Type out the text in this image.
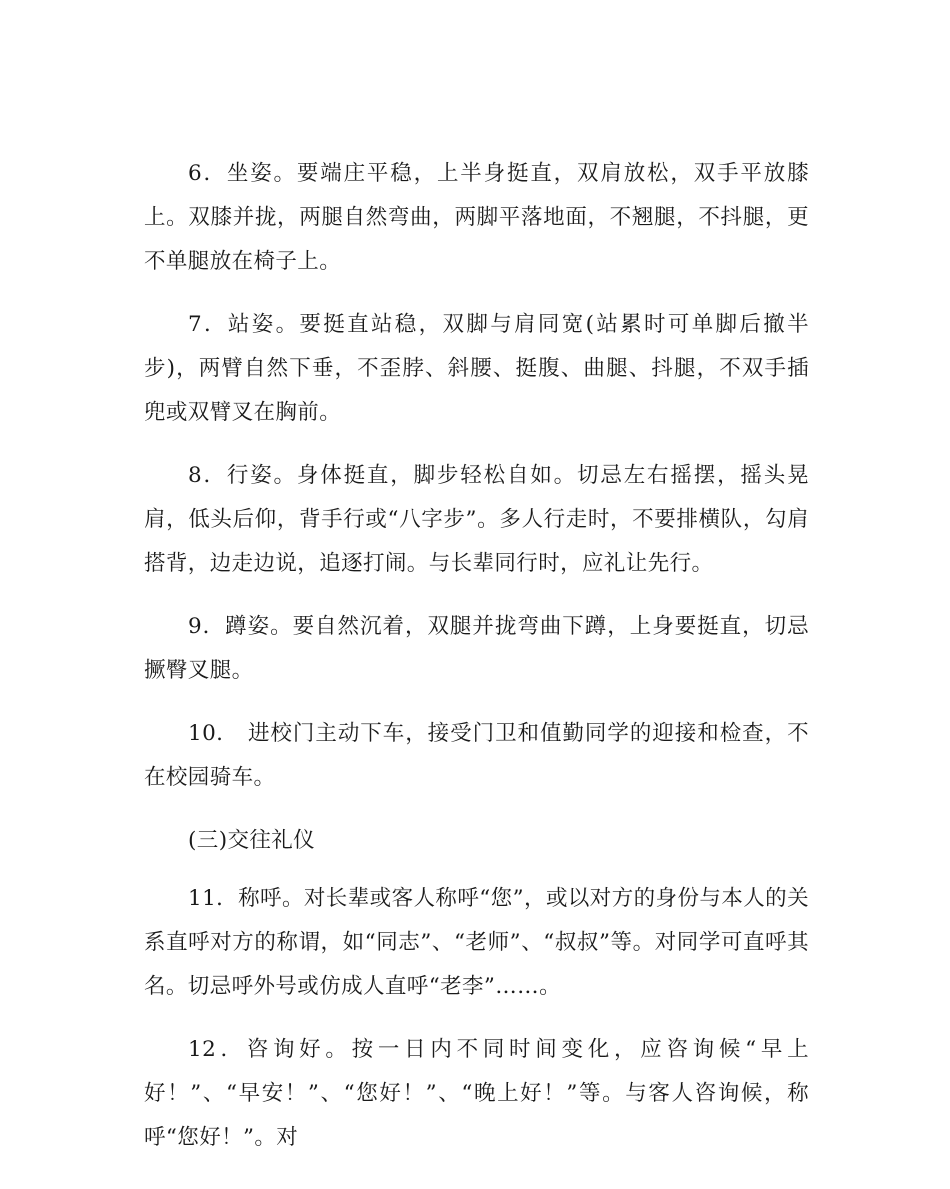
6．坐姿。要端庄平稳，上半身挺直，双肩放松，双手平放膝上。双膝并拢，两腿自然弯曲，两脚平落地面，不翘腿，不抖腿，更不单腿放在椅子上。

7．站姿。要挺直站稳，双脚与肩同宽(站累时可单脚后撤半步)，两臂自然下垂，不歪脖、斜腰、挺腹、曲腿、抖腿，不双手插兜或双臂叉在胸前。

8．行姿。身体挺直，脚步轻松自如。切忌左右摇摆，摇头晃肩，低头后仰，背手行或“八字步”。多人行走时，不要排横队，勾肩搭背，边走边说，追逐打闹。与长辈同行时，应礼让先行。

9．蹲姿。要自然沉着，双腿并拢弯曲下蹲，上身要挺直，切忌撅臀叉腿。

10. 进校门主动下车，接受门卫和值勤同学的迎接和检查，不在校园骑车。

(三)交往礼仪

11．称呼。对长辈或客人称呼“您”，或以对方的身份与本人的关系直呼对方的称谓，如“同志”、“老师”、“叔叔”等。对同学可直呼其名。切忌呼外号或仿成人直呼“老李”……。

12．咨询好。按一日内不同时间变化，应咨询候“早上好！”、“早安！”、“您好！”、“晚上好！”等。与客人咨询候，称呼“您好！”。对
